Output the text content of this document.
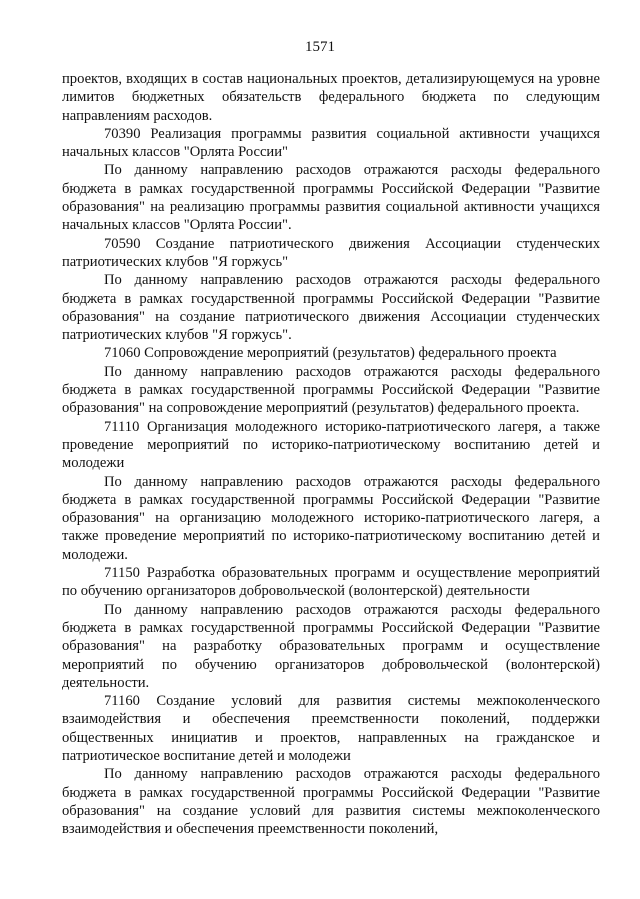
1571

проектов, входящих в состав национальных проектов, детализирующемуся на уровне лимитов бюджетных обязательств федерального бюджета по следующим направлениям расходов.

70390 Реализация программы развития социальной активности учащихся начальных классов "Орлята России"

По данному направлению расходов отражаются расходы федерального бюджета в рамках государственной программы Российской Федерации "Развитие образования" на реализацию программы развития социальной активности учащихся начальных классов "Орлята России".

70590 Создание патриотического движения Ассоциации студенческих патриотических клубов "Я горжусь"

По данному направлению расходов отражаются расходы федерального бюджета в рамках государственной программы Российской Федерации "Развитие образования" на создание патриотического движения Ассоциации студенческих патриотических клубов "Я горжусь".

71060 Сопровождение мероприятий (результатов) федерального проекта

По данному направлению расходов отражаются расходы федерального бюджета в рамках государственной программы Российской Федерации "Развитие образования" на сопровождение мероприятий (результатов) федерального проекта.

71110 Организация молодежного историко-патриотического лагеря, а также проведение мероприятий по историко-патриотическому воспитанию детей и молодежи

По данному направлению расходов отражаются расходы федерального бюджета в рамках государственной программы Российской Федерации "Развитие образования" на организацию молодежного историко-патриотического лагеря, а также проведение мероприятий по историко-патриотическому воспитанию детей и молодежи.

71150 Разработка образовательных программ и осуществление мероприятий по обучению организаторов добровольческой (волонтерской) деятельности

По данному направлению расходов отражаются расходы федерального бюджета в рамках государственной программы Российской Федерации "Развитие образования" на разработку образовательных программ и осуществление мероприятий по обучению организаторов добровольческой (волонтерской) деятельности.

71160 Создание условий для развития системы межпоколенческого взаимодействия и обеспечения преемственности поколений, поддержки общественных инициатив и проектов, направленных на гражданское и патриотическое воспитание детей и молодежи

По данному направлению расходов отражаются расходы федерального бюджета в рамках государственной программы Российской Федерации "Развитие образования" на создание условий для развития системы межпоколенческого взаимодействия и обеспечения преемственности поколений,
